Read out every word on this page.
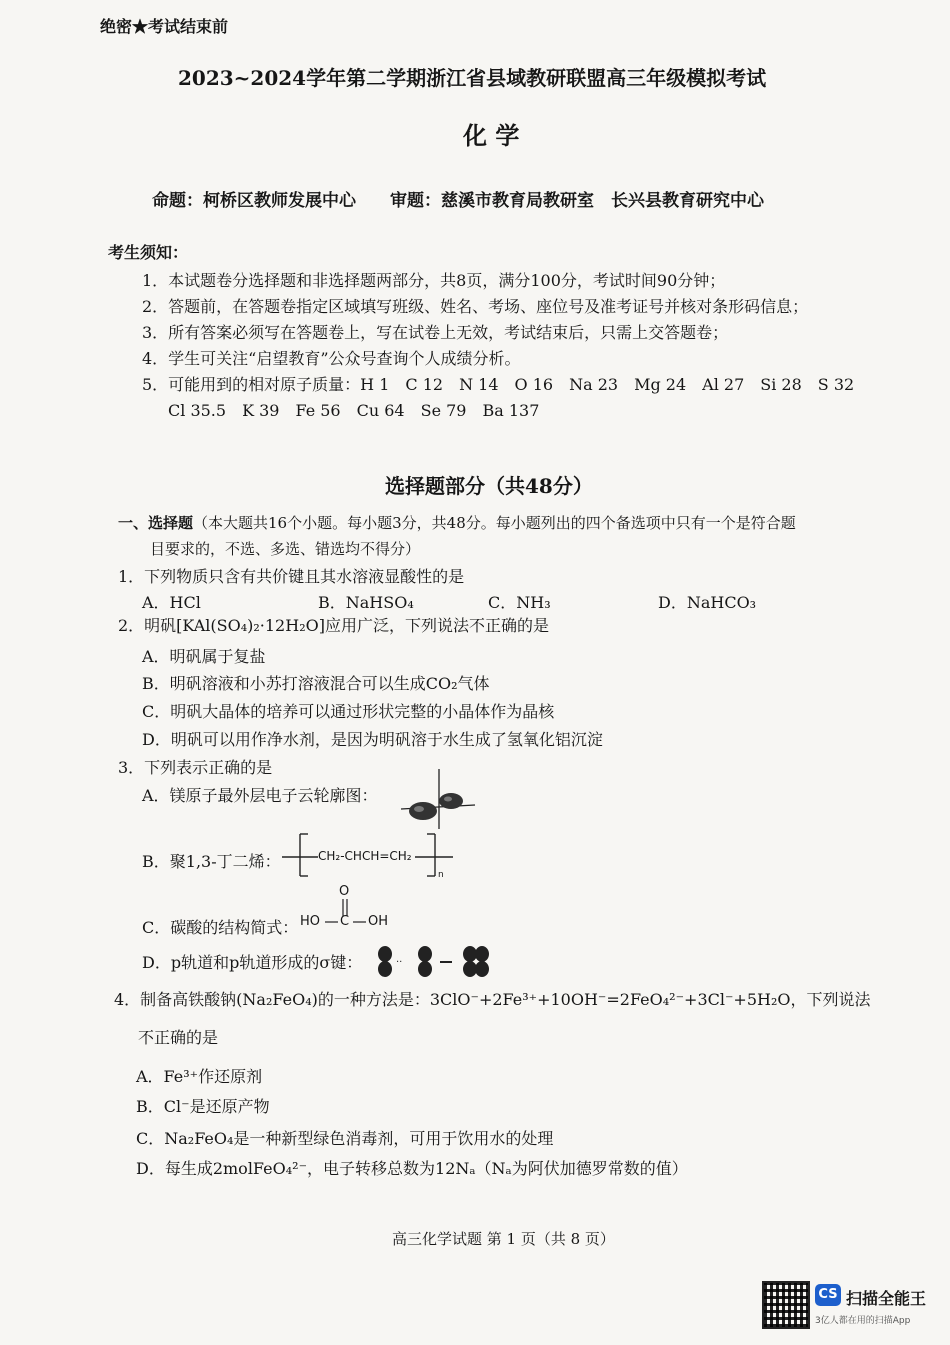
绝密★考试结束前
2023~2024学年第二学期浙江省县域教研联盟高三年级模拟考试
化 学
命题：柯桥区教师发展中心　　审题：慈溪市教育局教研室　长兴县教育研究中心
考生须知：
1．本试题卷分选择题和非选择题两部分，共8页，满分100分，考试时间90分钟；
2．答题前，在答题卷指定区域填写班级、姓名、考场、座位号及准考证号并核对条形码信息；
3．所有答案必须写在答题卷上，写在试卷上无效，考试结束后，只需上交答题卷；
4．学生可关注“启望教育”公众号查询个人成绩分析。
5．可能用到的相对原子质量：H 1　C 12　N 14　O 16　Na 23　Mg 24　Al 27　Si 28　S 32
Cl 35.5　K 39　Fe 56　Cu 64　Se 79　Ba 137
选择题部分（共48分）
一、选择题（本大题共16个小题。每小题3分，共48分。每小题列出的四个备选项中只有一个是符合题
目要求的，不选、多选、错选均不得分）
1．下列物质只含有共价键且其水溶液显酸性的是
A．HCl	B．NaHSO₄	C．NH₃	D．NaHCO₃
2．明矾[KAl(SO₄)₂·12H₂O]应用广泛，下列说法不正确的是
A．明矾属于复盐
B．明矾溶液和小苏打溶液混合可以生成CO₂气体
C．明矾大晶体的培养可以通过形状完整的小晶体作为晶核
D．明矾可以用作净水剂，是因为明矾溶于水生成了氢氧化铝沉淀
3．下列表示正确的是
A．镁原子最外层电子云轮廓图：
B．聚1,3-丁二烯：	CH₂-CHCH=CH₂
n
C．碳酸的结构简式：
O
HO C OH
D．p轨道和p轨道形成的σ键：	··
4．制备高铁酸钠(Na₂FeO₄)的一种方法是：3ClO⁻+2Fe³⁺+10OH⁻=2FeO₄²⁻+3Cl⁻+5H₂O，下列说法
不正确的是
A．Fe³⁺作还原剂
B．Cl⁻是还原产物
C．Na₂FeO₄是一种新型绿色消毒剂，可用于饮用水的处理
D．每生成2molFeO₄²⁻，电子转移总数为12Nₐ（Nₐ为阿伏加德罗常数的值）
高三化学试题 第 1 页（共 8 页）
CS 扫描全能王
3亿人都在用的扫描App
